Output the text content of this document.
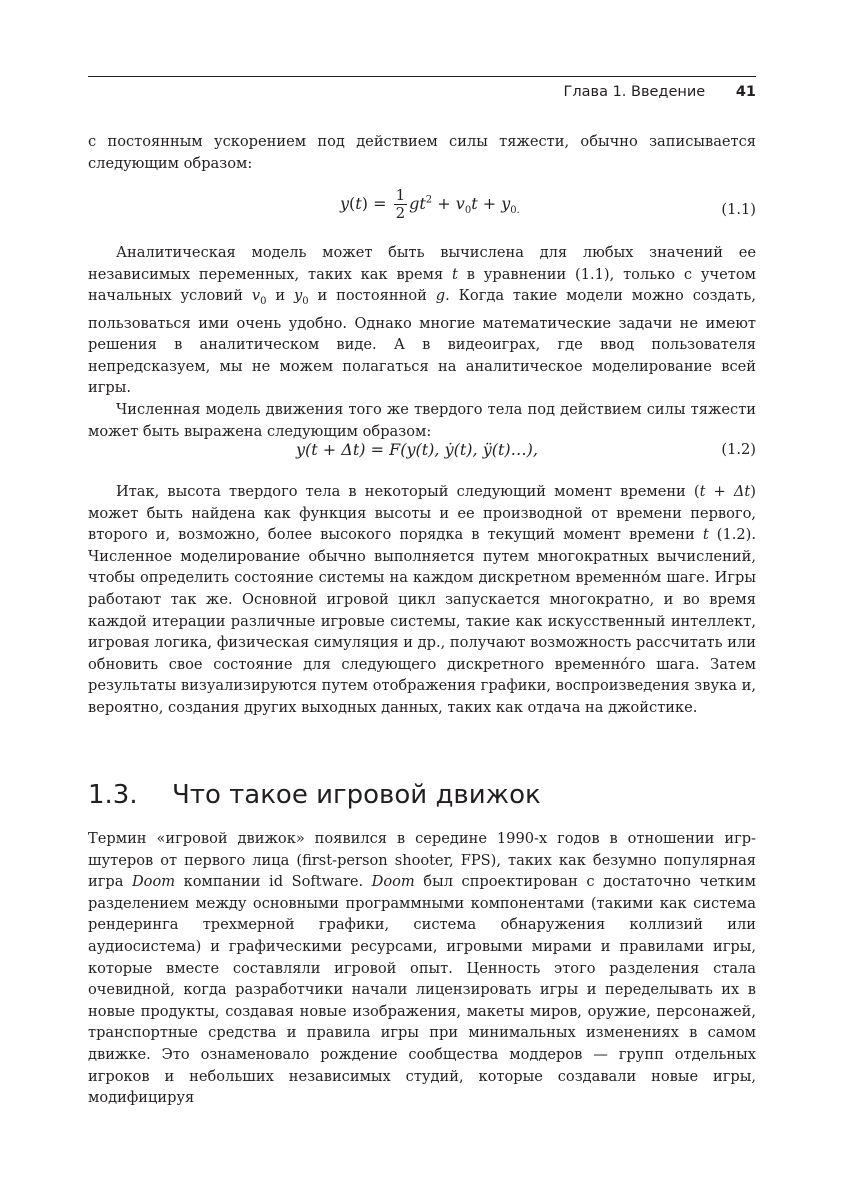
Глава 1. Введение 41

с постоянным ускорением под действием силы тяжести, обычно записывается следующим образом:

$y(t) = \frac{1}{2} gt^2 + v_0t + y_{0.}$	(1.1)

Аналитическая модель может быть вычислена для любых значений ее независимых переменных, таких как время t в уравнении (1.1), только с учетом начальных условий $v_0$ и $y_0$ и постоянной g. Когда такие модели можно создать, пользоваться ими очень удобно. Однако многие математические задачи не имеют решения в аналитическом виде. А в видеоиграх, где ввод пользователя непредсказуем, мы не можем полагаться на аналитическое моделирование всей игры.

Численная модель движения того же твердого тела под действием силы тяжести может быть выражена следующим образом:

y(t + Δt) = F(y(t), ẏ(t), ÿ(t)…),	(1.2)

Итак, высота твердого тела в некоторый следующий момент времени (t + Δt) может быть найдена как функция высоты и ее производной от времени первого, второго и, возможно, более высокого порядка в текущий момент времени t (1.2). Численное моделирование обычно выполняется путем многократных вычислений, чтобы определить состояние системы на каждом дискретном временно́м шаге. Игры работают так же. Основной игровой цикл запускается многократно, и во время каждой итерации различные игровые системы, такие как искусственный интеллект, игровая логика, физическая симуляция и др., получают возможность рассчитать или обновить свое состояние для следующего дискретного временно́го шага. Затем результаты визуализируются путем отображения графики, воспроизведения звука и, вероятно, создания других выходных данных, таких как отдача на джойстике.

1.3. Что такое игровой движок

Термин «игровой движок» появился в середине 1990-х годов в отношении игр-шутеров от первого лица (first-person shooter, FPS), таких как безумно популярная игра Doom компании id Software. Doom был спроектирован с достаточно четким разделением между основными программными компонентами (такими как система рендеринга трехмерной графики, система обнаружения коллизий или аудиосистема) и графическими ресурсами, игровыми мирами и правилами игры, которые вместе составляли игровой опыт. Ценность этого разделения стала очевидной, когда разработчики начали лицензировать игры и переделывать их в новые продукты, создавая новые изображения, макеты миров, оружие, персонажей, транспортные средства и правила игры при минимальных изменениях в самом движке. Это ознаменовало рождение сообщества моддеров — групп отдельных игроков и небольших независимых студий, которые создавали новые игры, модифицируя
